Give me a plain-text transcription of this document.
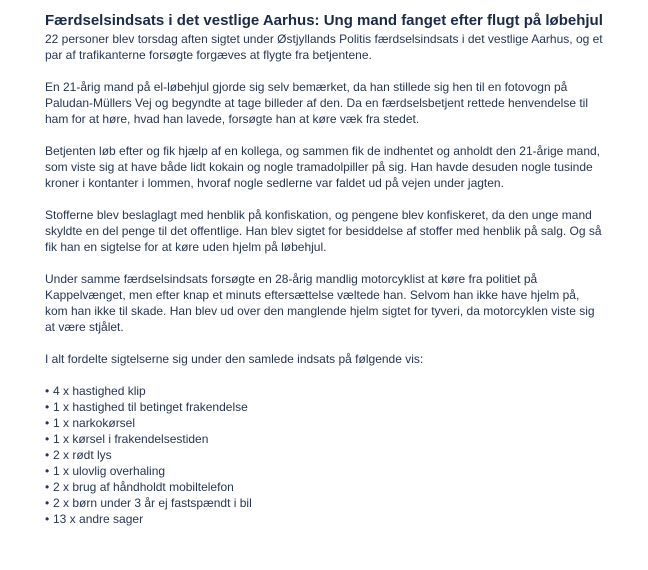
Færdselsindsats i det vestlige Aarhus: Ung mand fanget efter flugt på løbehjul

22 personer blev torsdag aften sigtet under Østjyllands Politis færdselsindsats i det vestlige Aarhus, og et par af trafikanterne forsøgte forgæves at flygte fra betjentene.

En 21-årig mand på el-løbehjul gjorde sig selv bemærket, da han stillede sig hen til en fotovogn på Paludan-Müllers Vej og begyndte at tage billeder af den. Da en færdselsbetjent rettede henvendelse til ham for at høre, hvad han lavede, forsøgte han at køre væk fra stedet.

Betjenten løb efter og fik hjælp af en kollega, og sammen fik de indhentet og anholdt den 21-årige mand, som viste sig at have både lidt kokain og nogle tramadolpiller på sig. Han havde desuden nogle tusinde kroner i kontanter i lommen, hvoraf nogle sedlerne var faldet ud på vejen under jagten.

Stofferne blev beslaglagt med henblik på konfiskation, og pengene blev konfiskeret, da den unge mand skyldte en del penge til det offentlige. Han blev sigtet for besiddelse af stoffer med henblik på salg. Og så fik han en sigtelse for at køre uden hjelm på løbehjul.

Under samme færdselsindsats forsøgte en 28-årig mandlig motorcyklist at køre fra politiet på Kappelvænget, men efter knap et minuts eftersættelse væltede han. Selvom han ikke have hjelm på, kom han ikke til skade. Han blev ud over den manglende hjelm sigtet for tyveri, da motorcyklen viste sig at være stjålet.

I alt fordelte sigtelserne sig under den samlede indsats på følgende vis:

• 4 x hastighed klip
• 1 x hastighed til betinget frakendelse
• 1 x narkokørsel
• 1 x kørsel i frakendelsestiden
• 2 x rødt lys
• 1 x ulovlig overhaling
• 2 x brug af håndholdt mobiltelefon
• 2 x børn under 3 år ej fastspændt i bil
• 13 x andre sager
